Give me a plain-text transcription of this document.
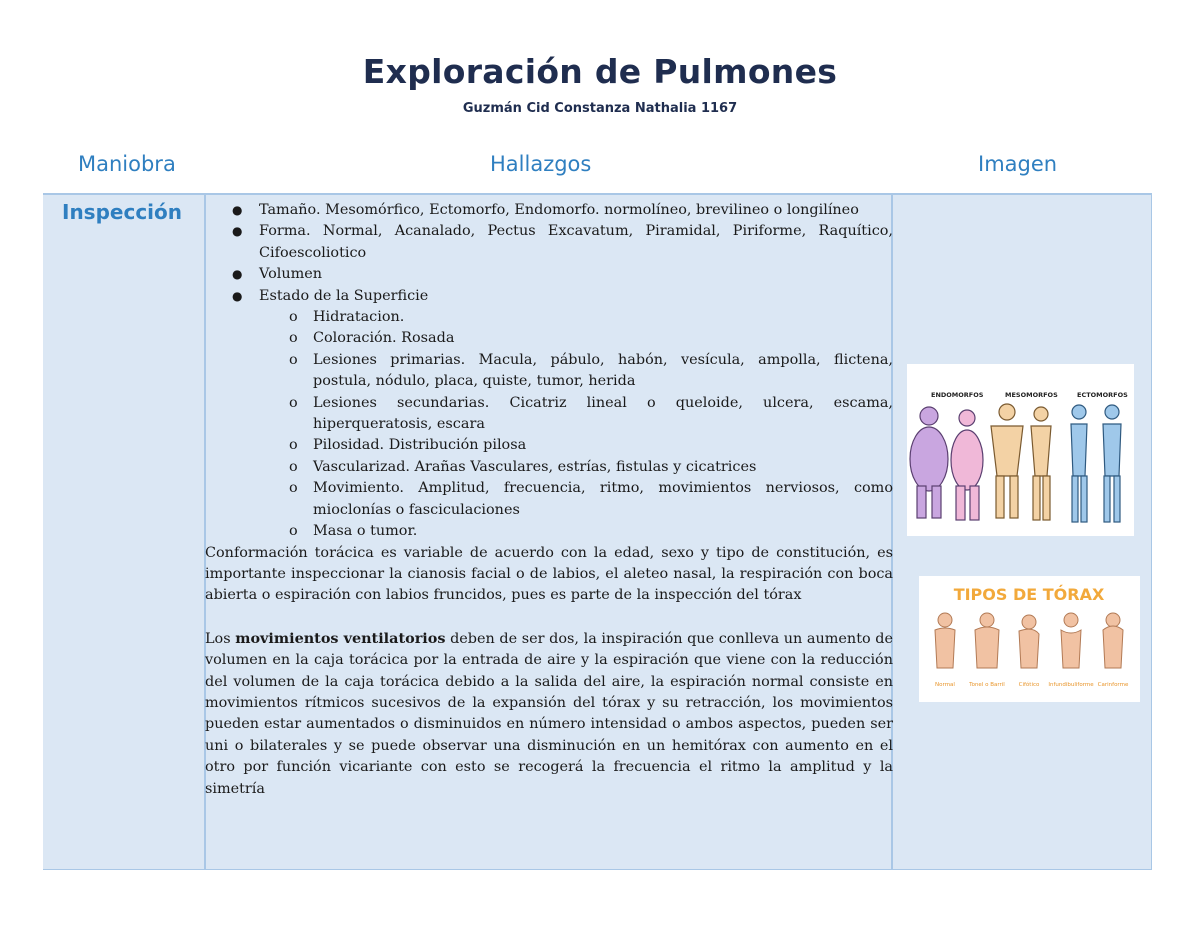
Exploración de Pulmones
Guzmán Cid Constanza Nathalia 1167
Maniobra	Hallazgos	Imagen
Inspección	● Tamaño. Mesomórfico, Ectomorfo, Endomorfo. normolíneo, brevilineo o longilíneo
● Forma. Normal, Acanalado, Pectus Excavatum, Piramidal, Piriforme, Raquítico, Cifoescoliotico
● Volumen
● Estado de la Superficie
o Hidratacion.
o Coloración. Rosada
o Lesiones primarias. Macula, pábulo, habón, vesícula, ampolla, flictena, postula, nódulo, placa, quiste, tumor, herida
o Lesiones secundarias. Cicatriz lineal o queloide, ulcera, escama, hiperqueratosis, escara
o Pilosidad. Distribución pilosa
o Vascularizad. Arañas Vasculares, estrías, fistulas y cicatrices
o Movimiento. Amplitud, frecuencia, ritmo, movimientos nerviosos, como mioclonías o fasciculaciones
o Masa o tumor.

Conformación torácica es variable de acuerdo con la edad, sexo y tipo de constitución, es importante inspeccionar la cianosis facial o de labios, el aleteo nasal, la respiración con boca abierta o espiración con labios fruncidos, pues es parte de la inspección del tórax

Los movimientos ventilatorios deben de ser dos, la inspiración que conlleva un aumento de volumen en la caja torácica por la entrada de aire y la espiración que viene con la reducción del volumen de la caja torácica debido a la salida del aire, la espiración normal consiste en movimientos rítmicos sucesivos de la expansión del tórax y su retracción, los movimientos pueden estar aumentados o disminuidos en número intensidad o ambos aspectos, pueden ser uni o bilaterales y se puede observar una disminución en un hemitórax con aumento en el otro por función vicariante con esto se recogerá la frecuencia el ritmo la amplitud y la simetría

ENDOMORFOS	MESOMORFOS	ECTOMORFOS
TIPOS DE TÓRAX
Normal	Tonel o Barril	Cifótico Infundibuliforme Carinforme
